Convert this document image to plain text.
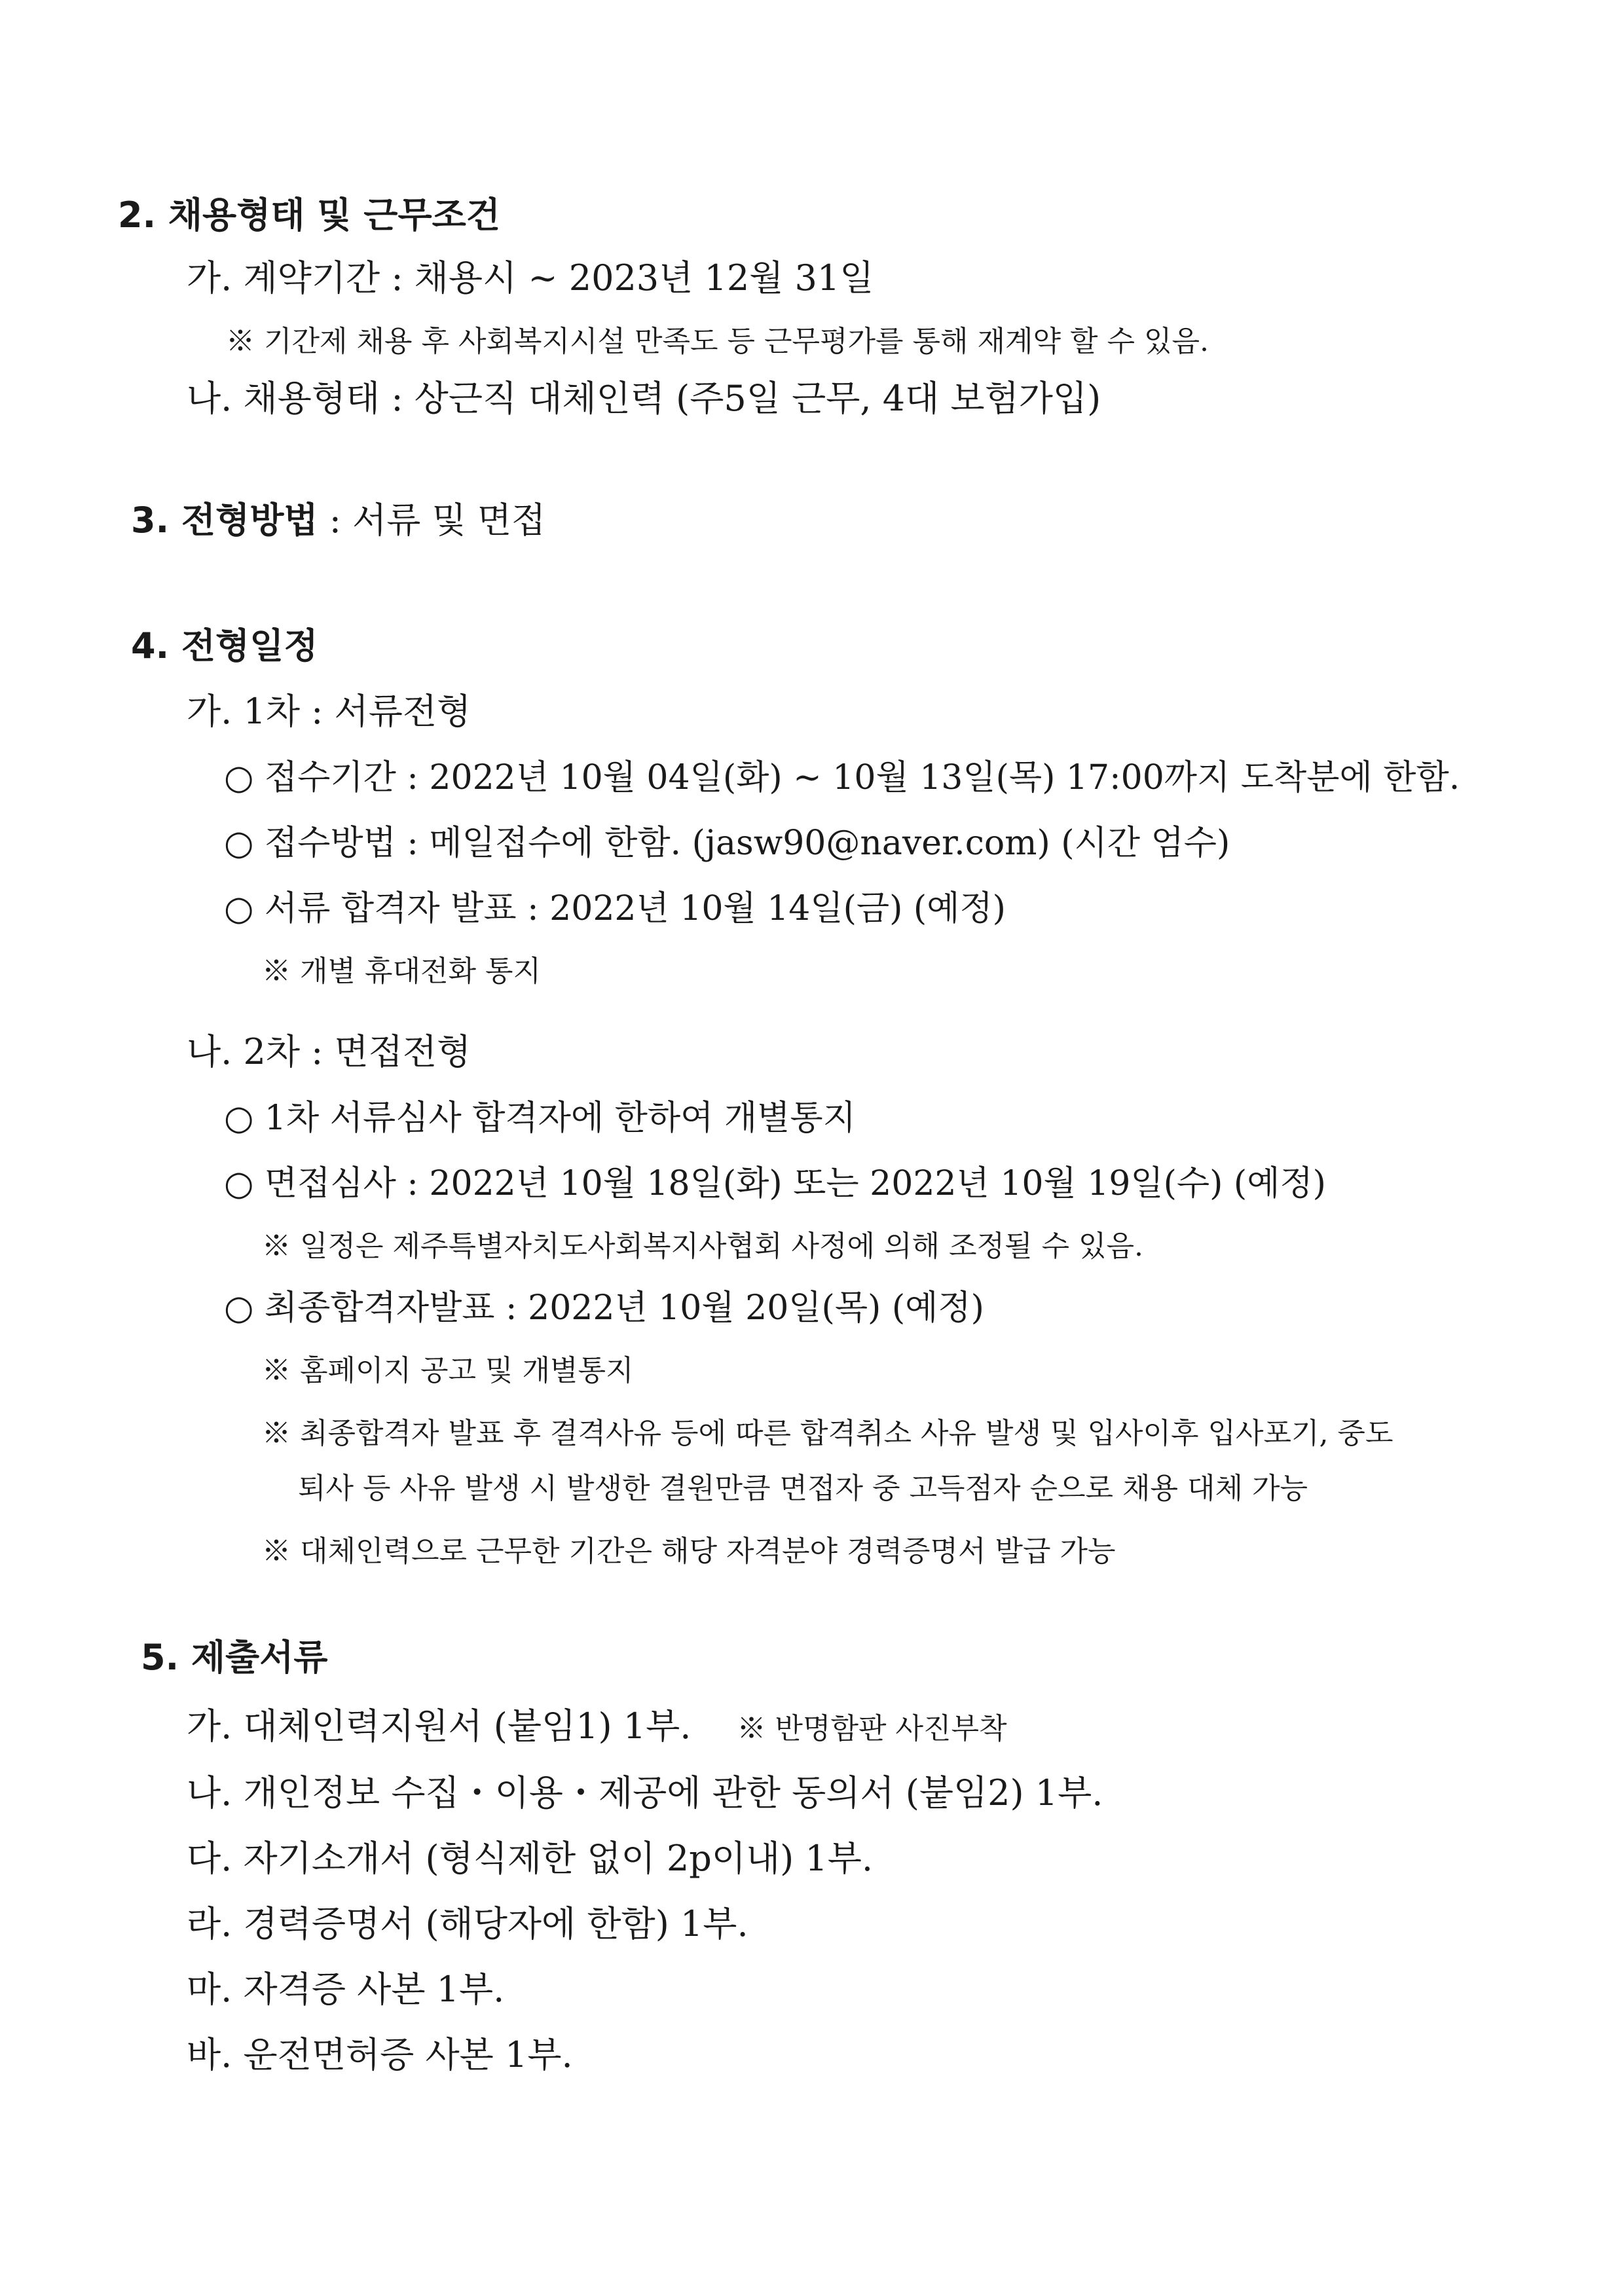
2. 채용형태 및 근무조건
가. 계약기간 : 채용시 ~ 2023년 12월 31일
※ 기간제 채용 후 사회복지시설 만족도 등 근무평가를 통해 재계약 할 수 있음.
나. 채용형태 : 상근직 대체인력 (주5일 근무, 4대 보험가입)
3. 전형방법 : 서류 및 면접
4. 전형일정
가. 1차 : 서류전형
○ 접수기간 : 2022년 10월 04일(화) ~ 10월 13일(목) 17:00까지 도착분에 한함.
○ 접수방법 : 메일접수에 한함. (jasw90@naver.com) (시간 엄수)
○ 서류 합격자 발표 : 2022년 10월 14일(금) (예정)
※ 개별 휴대전화 통지
나. 2차 : 면접전형
○ 1차 서류심사 합격자에 한하여 개별통지
○ 면접심사 : 2022년 10월 18일(화) 또는 2022년 10월 19일(수) (예정)
※ 일정은 제주특별자치도사회복지사협회 사정에 의해 조정될 수 있음.
○ 최종합격자발표 : 2022년 10월 20일(목) (예정)
※ 홈페이지 공고 및 개별통지
※ 최종합격자 발표 후 결격사유 등에 따른 합격취소 사유 발생 및 입사이후 입사포기, 중도
퇴사 등 사유 발생 시 발생한 결원만큼 면접자 중 고득점자 순으로 채용 대체 가능
※ 대체인력으로 근무한 기간은 해당 자격분야 경력증명서 발급 가능
5. 제출서류
가. 대체인력지원서 (붙임1) 1부. ※ 반명함판 사진부착
나. 개인정보 수집・이용・제공에 관한 동의서 (붙임2) 1부.
다. 자기소개서 (형식제한 없이 2p이내) 1부.
라. 경력증명서 (해당자에 한함) 1부.
마. 자격증 사본 1부.
바. 운전면허증 사본 1부.
